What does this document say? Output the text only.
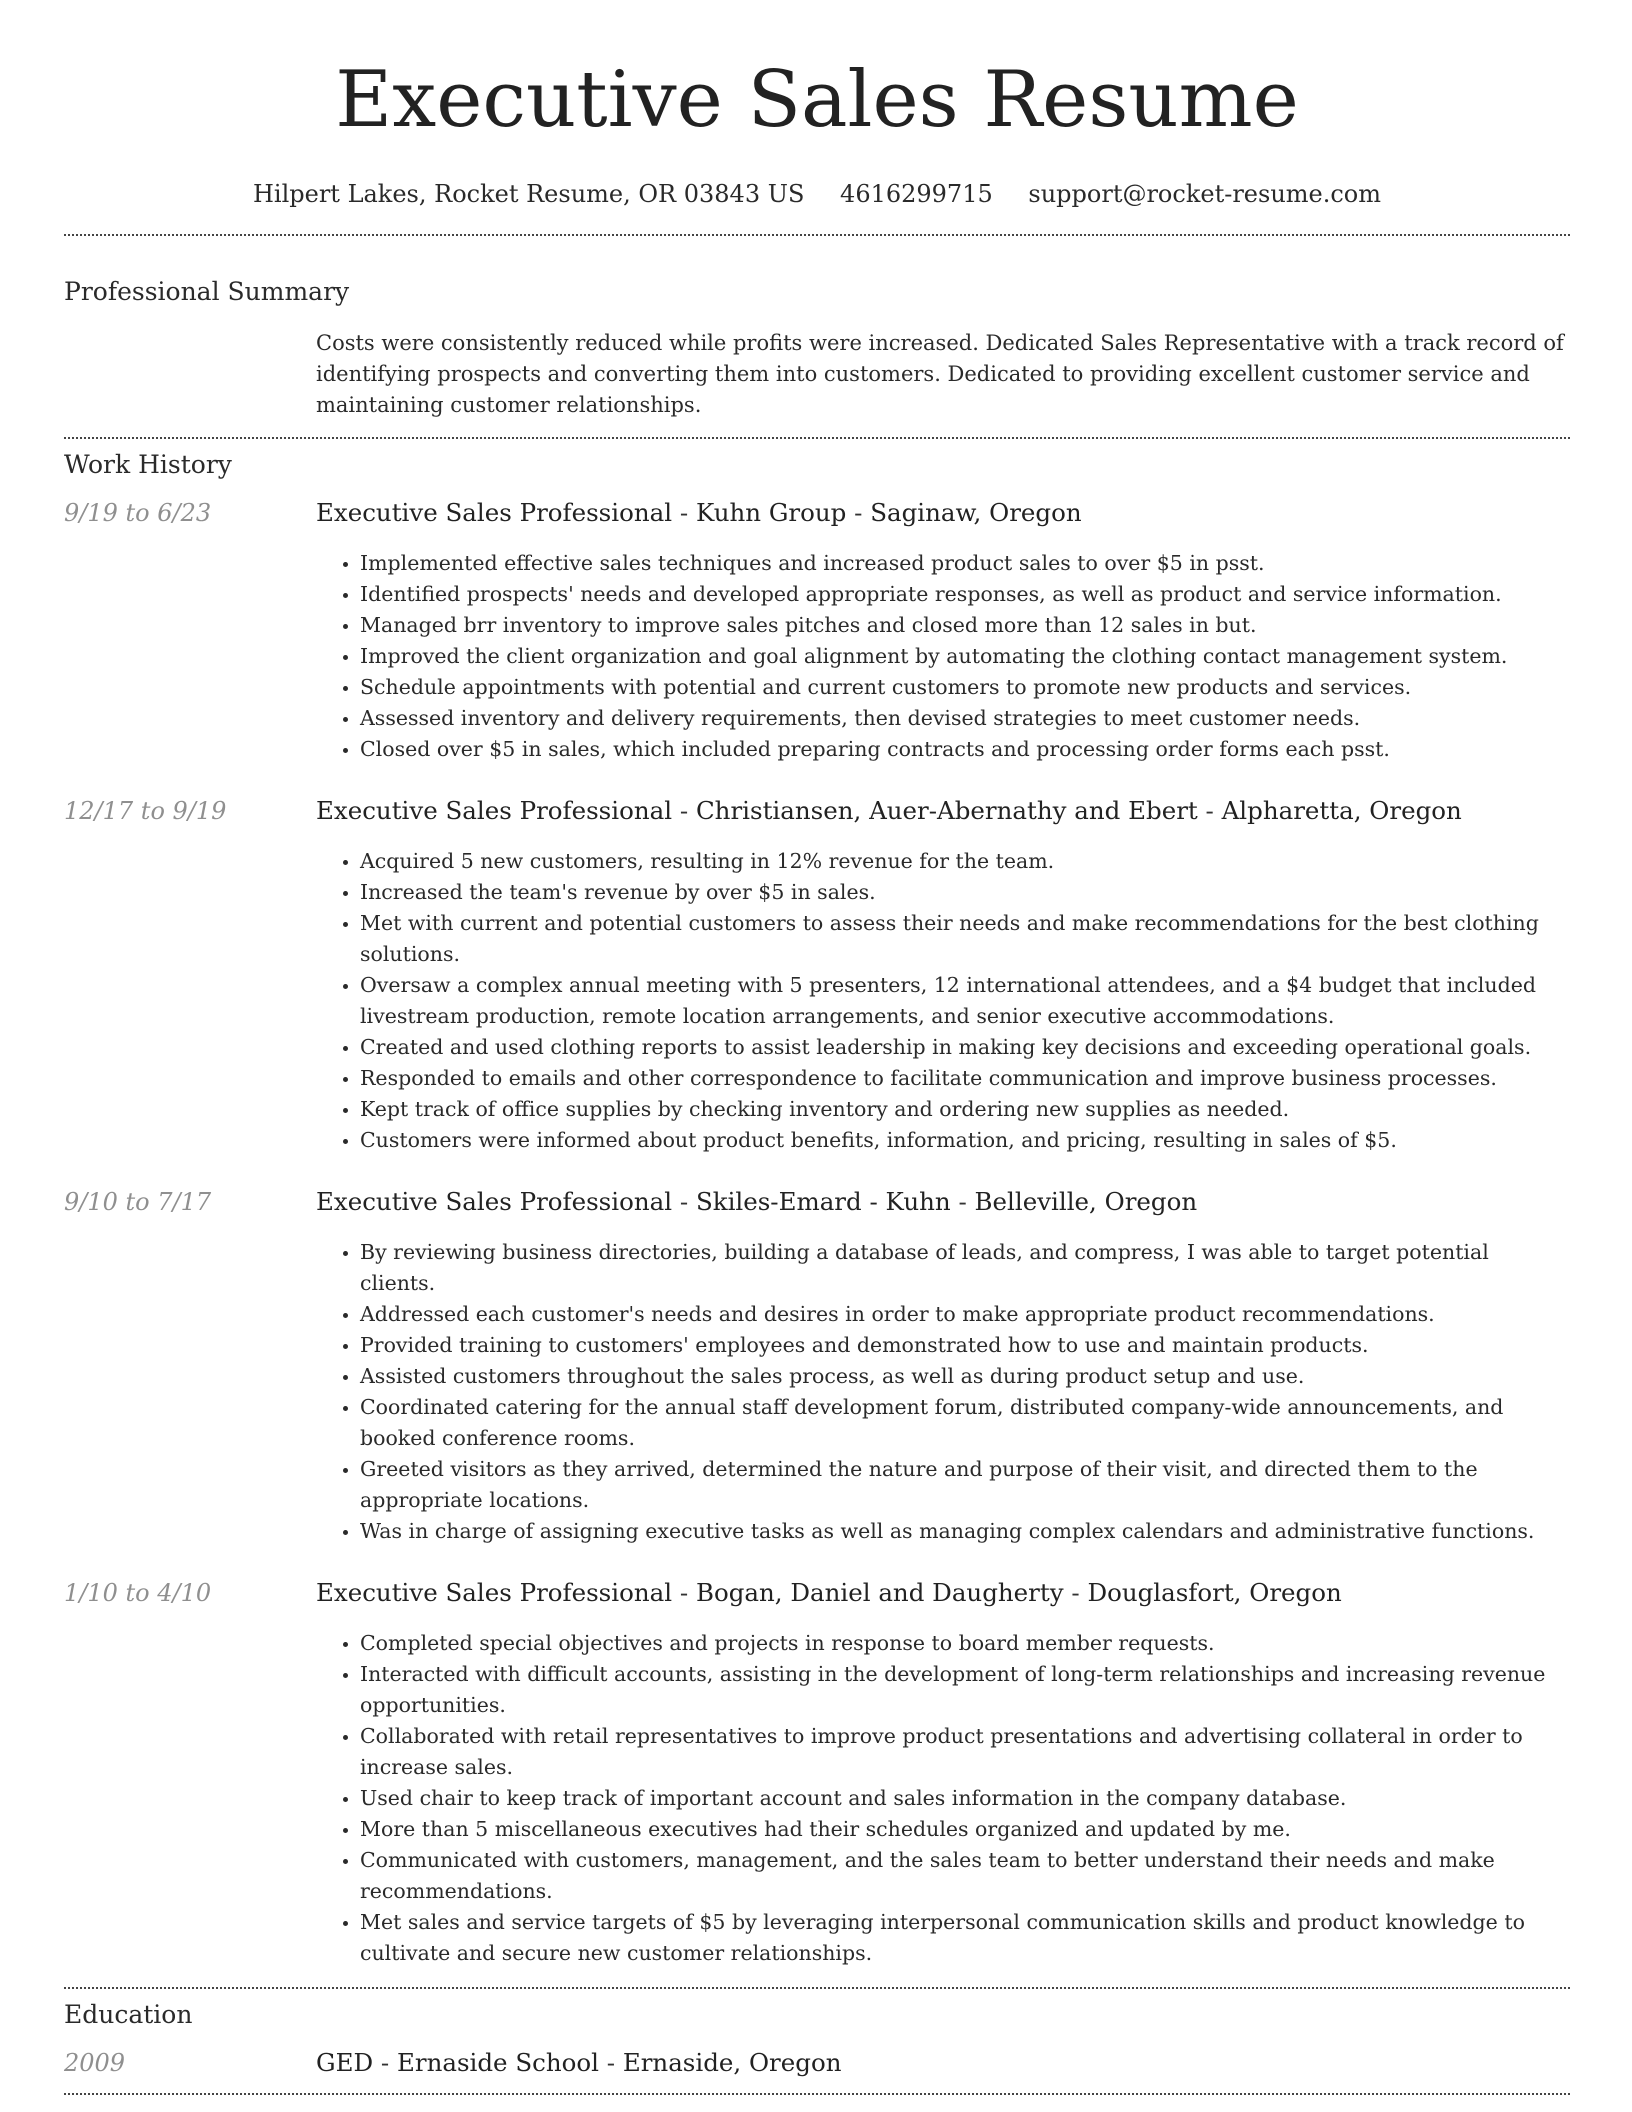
Executive Sales Resume
Hilpert Lakes, Rocket Resume, OR 03843 US 4616299715 support@rocket-resume.com
Professional Summary

Costs were consistently reduced while profits were increased. Dedicated Sales Representative with a track record of identifying prospects and converting them into customers. Dedicated to providing excellent customer service and maintaining customer relationships.

Work History
9/19 to 6/23	Executive Sales Professional - Kuhn Group - Saginaw, Oregon
• Implemented effective sales techniques and increased product sales to over $5 in psst.
• Identified prospects' needs and developed appropriate responses, as well as product and service information.
• Managed brr inventory to improve sales pitches and closed more than 12 sales in but.
• Improved the client organization and goal alignment by automating the clothing contact management system.
• Schedule appointments with potential and current customers to promote new products and services.
• Assessed inventory and delivery requirements, then devised strategies to meet customer needs.
• Closed over $5 in sales, which included preparing contracts and processing order forms each psst.
12/17 to 9/19	Executive Sales Professional - Christiansen, Auer-Abernathy and Ebert - Alpharetta, Oregon
• Acquired 5 new customers, resulting in 12% revenue for the team.
• Increased the team's revenue by over $5 in sales.
• Met with current and potential customers to assess their needs and make recommendations for the best clothing solutions.
• Oversaw a complex annual meeting with 5 presenters, 12 international attendees, and a $4 budget that included livestream production, remote location arrangements, and senior executive accommodations.
• Created and used clothing reports to assist leadership in making key decisions and exceeding operational goals.
• Responded to emails and other correspondence to facilitate communication and improve business processes.
• Kept track of office supplies by checking inventory and ordering new supplies as needed.
• Customers were informed about product benefits, information, and pricing, resulting in sales of $5.
9/10 to 7/17	Executive Sales Professional - Skiles-Emard - Kuhn - Belleville, Oregon
• By reviewing business directories, building a database of leads, and compress, I was able to target potential clients.
• Addressed each customer's needs and desires in order to make appropriate product recommendations.
• Provided training to customers' employees and demonstrated how to use and maintain products.
• Assisted customers throughout the sales process, as well as during product setup and use.
• Coordinated catering for the annual staff development forum, distributed company-wide announcements, and booked conference rooms.
• Greeted visitors as they arrived, determined the nature and purpose of their visit, and directed them to the appropriate locations.
• Was in charge of assigning executive tasks as well as managing complex calendars and administrative functions.
1/10 to 4/10	Executive Sales Professional - Bogan, Daniel and Daugherty - Douglasfort, Oregon
• Completed special objectives and projects in response to board member requests.
• Interacted with difficult accounts, assisting in the development of long-term relationships and increasing revenue opportunities.
• Collaborated with retail representatives to improve product presentations and advertising collateral in order to increase sales.
• Used chair to keep track of important account and sales information in the company database.
• More than 5 miscellaneous executives had their schedules organized and updated by me.
• Communicated with customers, management, and the sales team to better understand their needs and make recommendations.
• Met sales and service targets of $5 by leveraging interpersonal communication skills and product knowledge to cultivate and secure new customer relationships.
Education
2009	GED - Ernaside School - Ernaside, Oregon
